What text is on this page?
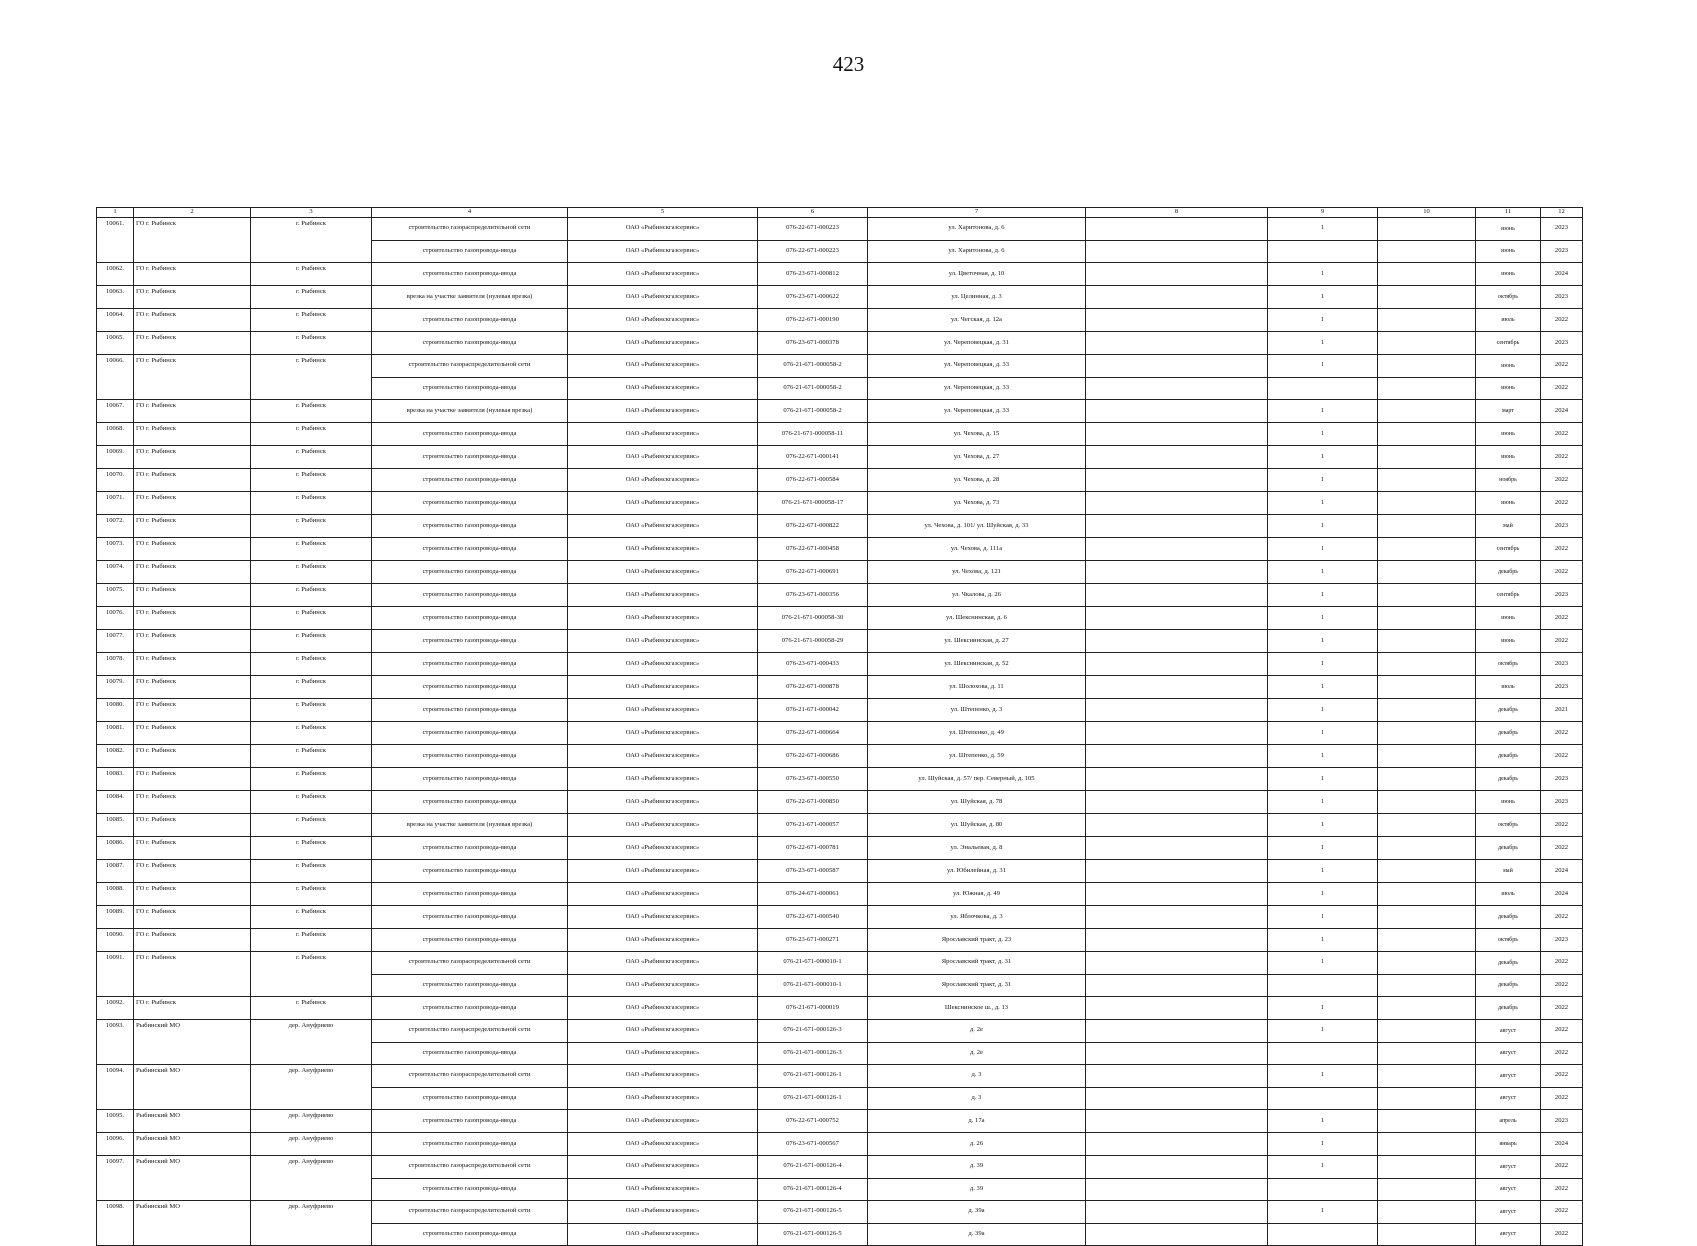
423
1	2	3	4	5	6	7	8	9	10	11	12
10061.	ГО г. Рыбинск	г. Рыбинск	строительство газораспределительной сети	ОАО «Рыбинскгазсервис»	076-22-671-000223	ул. Харитонова, д. 6		1		июнь	2023
			строительство газопровода-ввода	ОАО «Рыбинскгазсервис»	076-22-671-000223	ул. Харитонова, д. 6				июнь	2023
10062.	ГО г. Рыбинск	г. Рыбинск	строительство газопровода-ввода	ОАО «Рыбинскгазсервис»	076-23-671-000812	ул. Цветочная, д. 10		1		июнь	2024
10063.	ГО г. Рыбинск	г. Рыбинск	врезка на участке заявителя (нулевая врезка)	ОАО «Рыбинскгазсервис»	076-23-671-000622	ул. Целинная, д. 3		1		октябрь	2023
10064.	ГО г. Рыбинск	г. Рыбинск	строительство газопровода-ввода	ОАО «Рыбинскгазсервис»	076-22-671-000190	ул. Чегская, д. 12а		1		июль	2022
10065.	ГО г. Рыбинск	г. Рыбинск	строительство газопровода-ввода	ОАО «Рыбинскгазсервис»	076-23-671-000378	ул. Череповецкая, д. 31		1		сентябрь	2023
10066.	ГО г. Рыбинск	г. Рыбинск	строительство газораспределительной сети	ОАО «Рыбинскгазсервис»	076-21-671-000058-2	ул. Череповецкая, д. 33		1		июнь	2022
			строительство газопровода-ввода	ОАО «Рыбинскгазсервис»	076-21-671-000058-2	ул. Череповецкая, д. 33				июнь	2022
10067.	ГО г. Рыбинск	г. Рыбинск	врезка на участке заявителя (нулевая врезка)	ОАО «Рыбинскгазсервис»	076-21-671-000058-2	ул. Череповецкая, д. 33		1		март	2024
10068.	ГО г. Рыбинск	г. Рыбинск	строительство газопровода-ввода	ОАО «Рыбинскгазсервис»	076-21-671-000058-11	ул. Чехова, д. 15		1		июнь	2022
10069.	ГО г. Рыбинск	г. Рыбинск	строительство газопровода-ввода	ОАО «Рыбинскгазсервис»	076-22-671-000141	ул. Чехова, д. 27		1		июнь	2022
10070.	ГО г. Рыбинск	г. Рыбинск	строительство газопровода-ввода	ОАО «Рыбинскгазсервис»	076-22-671-000584	ул. Чехова, д. 28		1		ноябрь	2022
10071.	ГО г. Рыбинск	г. Рыбинск	строительство газопровода-ввода	ОАО «Рыбинскгазсервис»	076-21-671-000058-17	ул. Чехова, д. 73		1		июнь	2022
10072.	ГО г. Рыбинск	г. Рыбинск	строительство газопровода-ввода	ОАО «Рыбинскгазсервис»	076-22-671-000822	ул. Чехова, д. 101/ ул. Шуйская, д. 33		1		май	2023
10073.	ГО г. Рыбинск	г. Рыбинск	строительство газопровода-ввода	ОАО «Рыбинскгазсервис»	076-22-671-000458	ул. Чехова, д. 111а		1		сентябрь	2022
10074.	ГО г. Рыбинск	г. Рыбинск	строительство газопровода-ввода	ОАО «Рыбинскгазсервис»	076-22-671-000691	ул. Чехова, д. 121		1		декабрь	2022
10075.	ГО г. Рыбинск	г. Рыбинск	строительство газопровода-ввода	ОАО «Рыбинскгазсервис»	076-23-671-000356	ул. Чкалова, д. 26		1		сентябрь	2023
10076.	ГО г. Рыбинск	г. Рыбинск	строительство газопровода-ввода	ОАО «Рыбинскгазсервис»	076-21-671-000058-30	ул. Шекснинская, д. 6		1		июнь	2022
10077.	ГО г. Рыбинск	г. Рыбинск	строительство газопровода-ввода	ОАО «Рыбинскгазсервис»	076-21-671-000058-29	ул. Шекснинская, д. 27		1		июнь	2022
10078.	ГО г. Рыбинск	г. Рыбинск	строительство газопровода-ввода	ОАО «Рыбинскгазсервис»	076-23-671-000433	ул. Шекснинская, д. 52		1		октябрь	2023
10079.	ГО г. Рыбинск	г. Рыбинск	строительство газопровода-ввода	ОАО «Рыбинскгазсервис»	076-22-671-000878	ул. Шолохова, д. 11		1		июль	2023
10080.	ГО г. Рыбинск	г. Рыбинск	строительство газопровода-ввода	ОАО «Рыбинскгазсервис»	076-21-671-000042	ул. Штепенко, д. 3		1		декабрь	2021
10081.	ГО г. Рыбинск	г. Рыбинск	строительство газопровода-ввода	ОАО «Рыбинскгазсервис»	076-22-671-000664	ул. Штепенко, д. 49		1		декабрь	2022
10082.	ГО г. Рыбинск	г. Рыбинск	строительство газопровода-ввода	ОАО «Рыбинскгазсервис»	076-22-671-000686	ул. Штепенко, д. 59		1		декабрь	2022
10083.	ГО г. Рыбинск	г. Рыбинск	строительство газопровода-ввода	ОАО «Рыбинскгазсервис»	076-23-671-000550	ул. Шуйская, д. 57/ пер. Северный, д. 105		1		декабрь	2023
10084.	ГО г. Рыбинск	г. Рыбинск	строительство газопровода-ввода	ОАО «Рыбинскгазсервис»	076-22-671-000850	ул. Шуйская, д. 78		1		июнь	2023
10085.	ГО г. Рыбинск	г. Рыбинск	врезка на участке заявителя (нулевая врезка)	ОАО «Рыбинскгазсервис»	076-21-671-000057	ул. Шуйская, д. 80		1		октябрь	2022
10086.	ГО г. Рыбинск	г. Рыбинск	строительство газопровода-ввода	ОАО «Рыбинскгазсервис»	076-22-671-000781	ул. Энальевая, д. 8		1		декабрь	2022
10087.	ГО г. Рыбинск	г. Рыбинск	строительство газопровода-ввода	ОАО «Рыбинскгазсервис»	076-23-671-000587	ул. Юбилейная, д. 31		1		май	2024
10088.	ГО г. Рыбинск	г. Рыбинск	строительство газопровода-ввода	ОАО «Рыбинскгазсервис»	076-24-671-000061	ул. Южная, д. 49		1		июль	2024
10089.	ГО г. Рыбинск	г. Рыбинск	строительство газопровода-ввода	ОАО «Рыбинскгазсервис»	076-22-671-000540	ул. Яблочкова, д. 3		1		декабрь	2022
10090.	ГО г. Рыбинск	г. Рыбинск	строительство газопровода-ввода	ОАО «Рыбинскгазсервис»	076-23-671-000271	Ярославский тракт, д. 23		1		октябрь	2023
10091.	ГО г. Рыбинск	г. Рыбинск	строительство газораспределительной сети	ОАО «Рыбинскгазсервис»	076-21-671-000010-1	Ярославский тракт, д. 31		1		декабрь	2022
			строительство газопровода-ввода	ОАО «Рыбинскгазсервис»	076-21-671-000010-1	Ярославский тракт, д. 31				декабрь	2022
10092.	ГО г. Рыбинск	г. Рыбинск	строительство газопровода-ввода	ОАО «Рыбинскгазсервис»	076-21-671-000019	Шекснинское ш., д. 13		1		декабрь	2022
10093.	Рыбинский МО	дер. Ануфриево	строительство газораспределительной сети	ОАО «Рыбинскгазсервис»	076-21-671-000126-3	д. 2е		1		август	2022
			строительство газопровода-ввода	ОАО «Рыбинскгазсервис»	076-21-671-000126-3	д. 2е				август	2022
10094.	Рыбинский МО	дер. Ануфриево	строительство газораспределительной сети	ОАО «Рыбинскгазсервис»	076-21-671-000126-1	д. 3		1		август	2022
			строительство газопровода-ввода	ОАО «Рыбинскгазсервис»	076-21-671-000126-1	д. 3				август	2022
10095.	Рыбинский МО	дер. Ануфриево	строительство газопровода-ввода	ОАО «Рыбинскгазсервис»	076-22-671-000752	д. 17а		1		апрель	2023
10096.	Рыбинский МО	дер. Ануфриево	строительство газопровода-ввода	ОАО «Рыбинскгазсервис»	076-23-671-000567	д. 26		1		январь	2024
10097.	Рыбинский МО	дер. Ануфриево	строительство газораспределительной сети	ОАО «Рыбинскгазсервис»	076-21-671-000126-4	д. 39		1		август	2022
			строительство газопровода-ввода	ОАО «Рыбинскгазсервис»	076-21-671-000126-4	д. 39				август	2022
10098.	Рыбинский МО	дер. Ануфриево	строительство газораспределительной сети	ОАО «Рыбинскгазсервис»	076-21-671-000126-5	д. 39а		1		август	2022
			строительство газопровода-ввода	ОАО «Рыбинскгазсервис»	076-21-671-000126-5	д. 39а				август	2022
